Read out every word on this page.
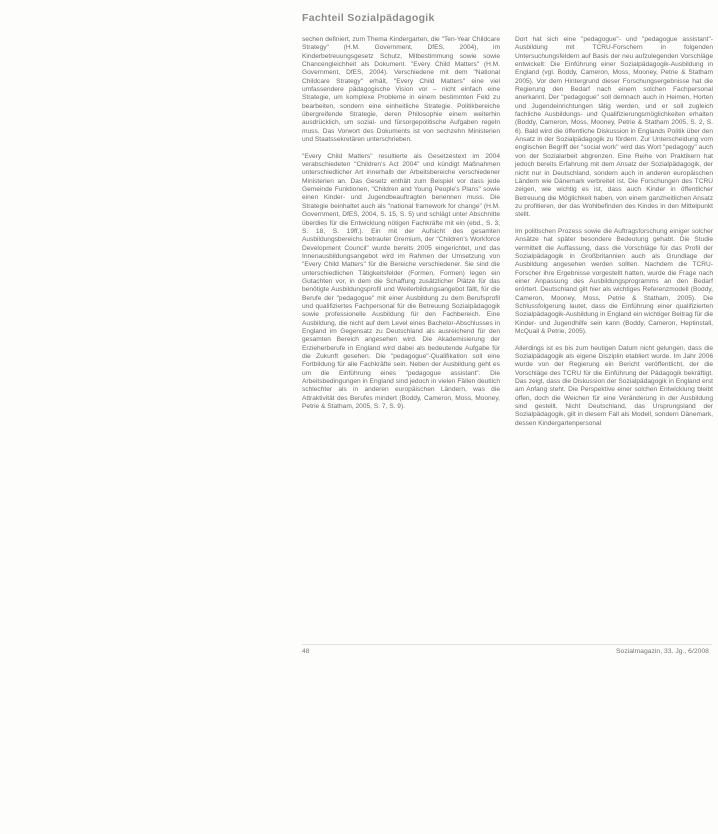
Fachteil Sozialpädagogik

sechen definiert, zum Thema Kindergarten, die "Ten-Year Childcare Strategy" (H.M. Government, DfES, 2004), im Kinderbetreuungsgesetz Schutz, Mitbestimmung sowie sowie Chancengleichheit als Dokument. "Every Child Matters" (H.M. Government, DfES, 2004). Verschiedene mit dem "National Childcare Strategy" erhält, "Every Child Matters" eine viel umfassendere pädagogische Vision vor – nicht einfach eine Strategie, um komplexe Probleme in einem bestimmten Feld zu bearbeiten, sondern eine einheitliche Strategie. Politikbereiche übergreifende Strategie, deren Philosophie einem weiterhin ausdrücklich, um sozial- und fürsorgepolitische Aufgaben regeln muss. Das Vorwort des Dokuments ist von sechzehn Ministerien und Staatssekretären unterschrieben.

"Every Child Matters" resultierte als Gesetzestext im 2004 verabschiedeten "Children's Act 2004" und kündigt Maßnahmen unterschiedlicher Art innerhalb der Arbeitsbereiche verschiedener Ministerien an. Das Gesetz enthält zum Beispiel vor dass jede Gemeinde Funktionen, "Children and Young People's Plans" sowie einen Kinder- und Jugendbeauftragten benennen muss. Die Strategie beinhaltet auch als "national framework for change" (H.M. Government, DfES, 2004, S. 15, S. 5) und schlägt unter Abschnitte überdies für die Entwicklung nötigen Fachkräfte mit ein (ebd., S. 3, S. 18, S. 19ff.). Ein mit der Aufsicht des gesamten Ausbildungsbereichs betrauter Gremium, der "Children's Workforce Development Council" wurde bereits 2005 eingerichtet, und das Innenausbildungsangebot wird im Rahmen der Umsetzung von "Every Child Matters" für die Bereiche verschiedener. Sie sind die unterschiedlichen Tätigkeitsfelder (Formen, Formen) legen ein Gutachten vor, in dem die Schaffung zusätzlicher Plätze für das benötigte Ausbildungsprofil und Weiterbildungsangebot fällt, für die Berufe der "pedagogue" mit einer Ausbildung zu dem Berufsprofil und qualifiziertes Fachpersonal für die Betreuung Sozialpädagogik sowie professionelle Ausbildung für den Fachbereich. Eine Ausbildung, die nicht auf dem Level eines Bachelor-Abschlusses in England im Gegensatz zu Deutschland als ausreichend für den gesamten Bereich angesehen wird. Die Akademisierung der Erzieherberufe in England wird dabei als bedeutende Aufgabe für die Zukunft gesehen. Die "pedagogue"-Qualifikation soll eine Fortbildung für alle Fachkräfte sein. Neben der Ausbildung geht es um die Einführung eines "pedagogue assistant". Die Arbeitsbedingungen in England sind jedoch in vielen Fällen deutlich schlechter als in anderen europäischen Ländern, was die Attraktivität des Berufes mindert (Boddy, Cameron, Moss, Mooney, Petrie & Statham, 2005, S. 7, S. 9).

Dort hat sich eine "pedagogue"- und "pedagogue assistant"-Ausbildung mit TCRU-Forschern in folgenden Untersuchungsfeldern auf Basis der neu aufzulegenden Vorschläge entwickelt: Die Einführung einer Sozialpädagogik-Ausbildung in England (vgl. Boddy, Cameron, Moss, Mooney, Petrie & Statham 2005). Vor dem Hintergrund dieser Forschungsergebnisse hat die Regierung den Bedarf nach einem solchen Fachpersonal anerkannt. Der "pedagogue" soll demnach auch in Heimen, Horten und Jugendeinrichtungen tätig werden, und er soll zugleich fachliche Ausbildungs- und Qualifizierungsmöglichkeiten erhalten (Boddy, Cameron, Moss, Mooney, Petrie & Statham 2005, S. 2, S. 6). Bald wird die öffentliche Diskussion in Englands Politik über den Ansatz in der Sozialpädagogik zu fördern. Zur Unterscheidung vom englischen Begriff der "social work" wird das Wort "pedagogy" auch von der Sozialarbeit abgrenzen. Eine Reihe von Praktikern hat jedoch bereits Erfahrung mit dem Ansatz der Sozialpädagogik, der nicht nur in Deutschland, sondern auch in anderen europäischen Ländern wie Dänemark verbreitet ist. Die Forschungen des TCRU zeigen, wie wichtig es ist, dass auch Kinder in öffentlicher Betreuung die Möglichkeit haben, von einem ganzheitlichen Ansatz zu profitieren, der das Wohlbefinden des Kindes in den Mittelpunkt stellt.

Im politischen Prozess sowie die Auftragsforschung einiger solcher Ansätze hat später besondere Bedeutung gehabt. Die Studie vermittelt die Auffassung, dass die Vorschläge für das Profil der Sozialpädagogik in Großbritannien auch als Grundlage der Ausbildung angesehen werden sollten. Nachdem die TCRU-Forscher ihre Ergebnisse vorgestellt hatten, wurde die Frage nach einer Anpassung des Ausbildungsprogramms an den Bedarf erörtert. Deutschland gilt hier als wichtiges Referenzmodell (Boddy, Cameron, Mooney, Moss, Petrie & Statham, 2005). Die Schlussfolgerung lautet, dass die Einführung einer qualifizierten Sozialpädagogik-Ausbildung in England ein wichtiger Beitrag für die Kinder- und Jugendhilfe sein kann (Boddy, Cameron, Heptinstall, McQuail & Petrie, 2005).

Allerdings ist es bis zum heutigen Datum nicht gelungen, dass die Sozialpädagogik als eigene Disziplin etabliert wurde. Im Jahr 2006 wurde von der Regierung ein Bericht veröffentlicht, der die Vorschläge des TCRU für die Einführung der Pädagogik bekräftigt. Das zeigt, dass die Diskussion der Sozialpädagogik in England erst am Anfang steht. Die Perspektive einer solchen Entwicklung bleibt offen, doch die Weichen für eine Veränderung in der Ausbildung sind gestellt. Nicht Deutschland, das Ursprungsland der Sozialpädagogik, gilt in diesem Fall als Modell, sondern Dänemark, dessen Kindergartenpersonal

48	Sozialmagazin, 33. Jg., 6/2008
